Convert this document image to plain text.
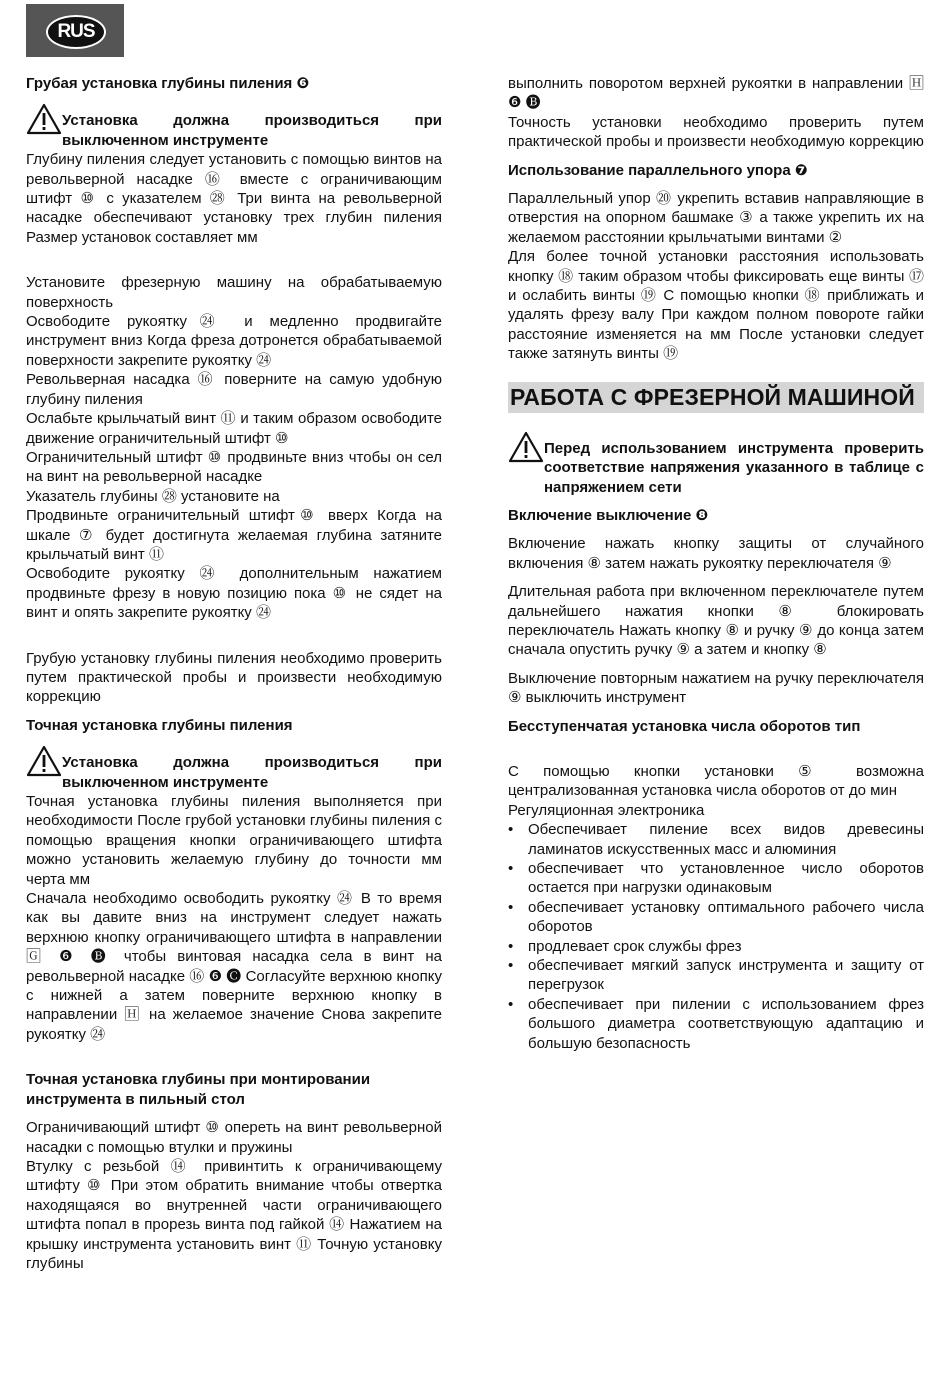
RUS

Грубая установка глубины пиления ❻

Установка должна производиться при выключенном инструменте

Глубину пиления следует установить с помощью винтов на револьверной насадке ⑯ вместе с ограничивающим штифт ⑩ с указателем ㉘ Три винта на револьверной насадке обеспечивают установку трех глубин пиления Размер установок составляет мм

Установите фрезерную машину на обрабатываемую поверхность

Освободите рукоятку㉔ и медленно продвигайте инструмент вниз Когда фреза дотронется обрабатываемой поверхности закрепите рукоятку ㉔

Револьверная насадка ⑯ поверните на самую удобную глубину пиления

Ослабьте крыльчатый винт ⑪ и таким образом освободите движение ограничительный штифт ⑩

Ограничительный штифт ⑩ продвиньте вниз чтобы он сел на винт на револьверной насадке

Указатель глубины ㉘ установите на

Продвиньте ограничительный штифт⑩ вверх Когда на шкале ⑦ будет достигнута желаемая глубина затяните крыльчатый винт ⑪

Освободите рукоятку ㉔ дополнительным нажатием продвиньте фрезу в новую позицию пока ⑩ не сядет на винт и опять закрепите рукоятку ㉔

Грубую установку глубины пиления необходимо проверить путем практической пробы и произвести необходимую коррекцию

Точная установка глубины пиления

Установка должна производиться при выключенном инструменте

Точная установка глубины пиления выполняется при необходимости После грубой установки глубины пиления с помощью вращения кнопки ограничивающего штифта можно установить желаемую глубину до точности мм черта мм

Сначала необходимо освободить рукоятку ㉔ В то время как вы давите вниз на инструмент следует нажать верхнюю кнопку ограничивающего штифта в направлении 🄶 ❻ 🅑 чтобы винтовая насадка села в винт на револьверной насадке ⑯ ❻ 🅒 Согласуйте верхнюю кнопку с нижней а затем поверните верхнюю кнопку в направлении 🄷 на желаемое значение Снова закрепите рукоятку ㉔

Точная установка глубины при монтировании инструмента в пильный стол

Ограничивающий штифт ⑩ опереть на винт револьверной насадки с помощью втулки и пружины

Втулку с резьбой ⑭ привинтить к ограничивающему штифту ⑩ При этом обратить внимание чтобы отвертка находящаяся во внутренней части ограничивающего штифта попал в прорезь винта под гайкой ⑭ Нажатием на крышку инструмента установить винт ⑪ Точную установку глубины

выполнить поворотом верхней рукоятки в направлении 🄷 ❻ 🅑

Точность установки необходимо проверить путем практической пробы и произвести необходимую коррекцию

Использование параллельного упора ❼

Параллельный упор ⑳ укрепить вставив направляющие в отверстия на опорном башмаке ③ а также укрепить их на желаемом расстоянии крыльчатыми винтами ②

Для более точной установки расстояния использовать кнопку ⑱ таким образом чтобы фиксировать еще винты ⑰ и ослабить винты ⑲ С помощью кнопки ⑱ приближать и удалять фрезу валу При каждом полном повороте гайки расстояние изменяется на мм После установки следует также затянуть винты ⑲

РАБОТА С ФРЕЗЕРНОЙ МАШИНОЙ

Перед использованием инструмента проверить соответствие напряжения указанного в таблице с напряжением сети

Включение выключение ❽

Включение нажать кнопку защиты от случайного включения ⑧ затем нажать рукоятку переключателя ⑨

Длительная работа при включенном переключателе путем дальнейшего нажатия кнопки ⑧ блокировать переключатель Нажать кнопку ⑧ и ручку ⑨ до конца затем сначала опустить ручку ⑨ а затем и кнопку ⑧

Выключение повторным нажатием на ручку переключателя ⑨ выключить инструмент

Бесступенчатая установка числа оборотов тип

С помощью кнопки установки ⑤ возможна централизованная установка числа оборотов от до мин

Регуляционная электроника

• Обеспечивает пиление всех видов древесины ламинатов искусственных масс и алюминия
• обеспечивает что установленное число оборотов остается при нагрузки одинаковым
• обеспечивает установку оптимального рабочего числа оборотов
• продлевает срок службы фрез
• обеспечивает мягкий запуск инструмента и защиту от перегрузок
• обеспечивает при пилении с использованием фрез большого диаметра соответствующую адаптацию и большую безопасность
